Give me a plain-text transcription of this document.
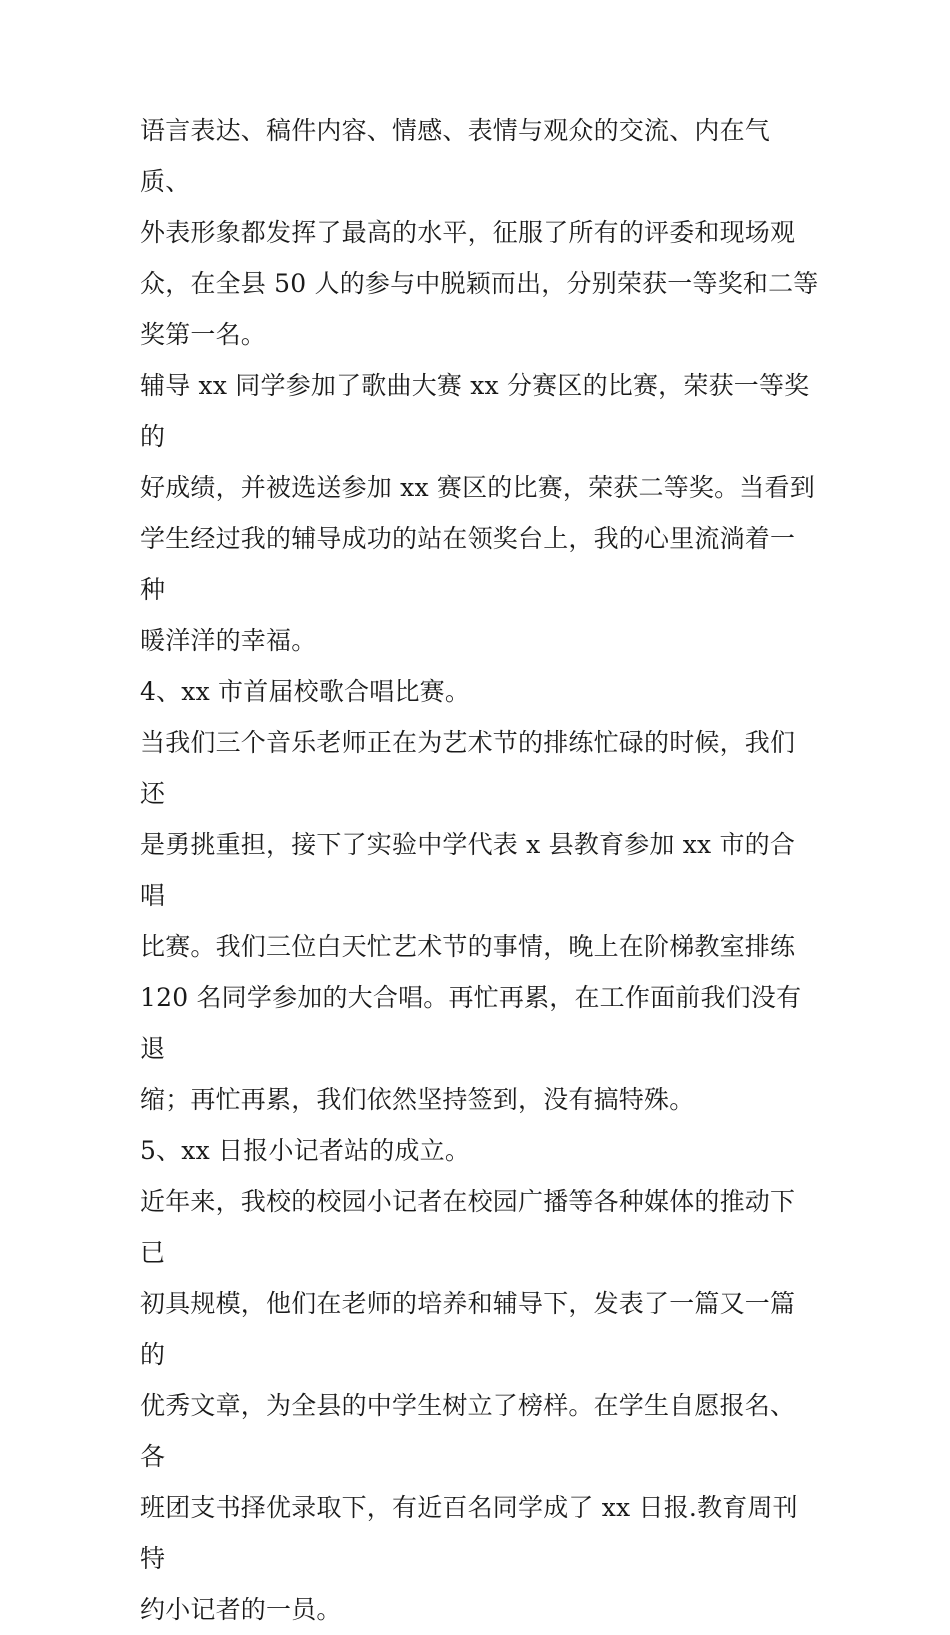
语言表达、稿件内容、情感、表情与观众的交流、内在气质、
外表形象都发挥了最高的水平，征服了所有的评委和现场观
众，在全县 50 人的参与中脱颖而出，分别荣获一等奖和二等
奖第一名。

辅导 xx 同学参加了歌曲大赛 xx 分赛区的比赛，荣获一等奖的
好成绩，并被选送参加 xx 赛区的比赛，荣获二等奖。当看到
学生经过我的辅导成功的站在领奖台上，我的心里流淌着一种
暖洋洋的幸福。

4、xx 市首届校歌合唱比赛。

当我们三个音乐老师正在为艺术节的排练忙碌的时候，我们还
是勇挑重担，接下了实验中学代表 x 县教育参加 xx 市的合唱
比赛。我们三位白天忙艺术节的事情，晚上在阶梯教室排练
120 名同学参加的大合唱。再忙再累，在工作面前我们没有退
缩；再忙再累，我们依然坚持签到，没有搞特殊。

5、xx 日报小记者站的成立。

近年来，我校的校园小记者在校园广播等各种媒体的推动下已
初具规模，他们在老师的培养和辅导下，发表了一篇又一篇的
优秀文章，为全县的中学生树立了榜样。在学生自愿报名、各
班团支书择优录取下，有近百名同学成了 xx 日报.教育周刊特
约小记者的一员。
